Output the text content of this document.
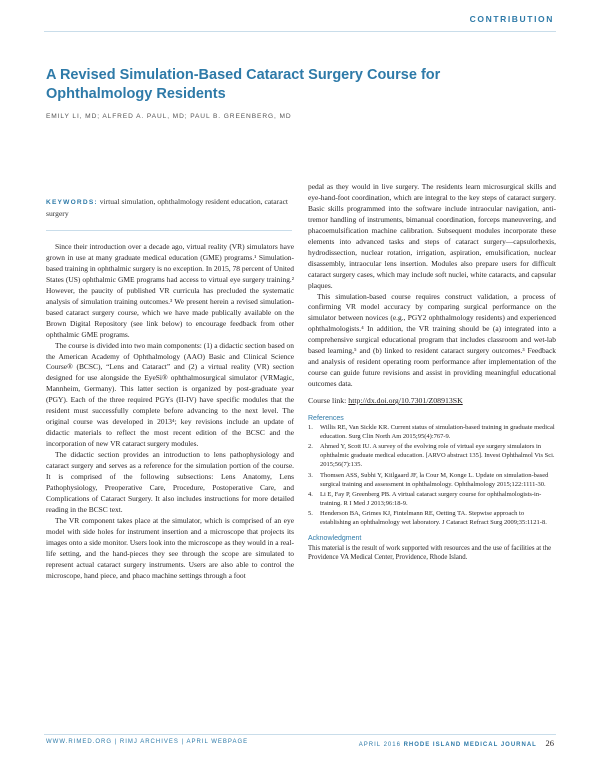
CONTRIBUTION
A Revised Simulation-Based Cataract Surgery Course for Ophthalmology Residents
EMILY LI, MD; ALFRED A. PAUL, MD; PAUL B. GREENBERG, MD
KEYWORDS: virtual simulation, ophthalmology resident education, cataract surgery

Since their introduction over a decade ago, virtual reality (VR) simulators have grown in use at many graduate medical education (GME) programs.¹ Simulation-based training in ophthalmic surgery is no exception. In 2015, 78 percent of United States (US) ophthalmic GME programs had access to virtual eye surgery training.² However, the paucity of published VR curricula has precluded the systematic analysis of simulation training outcomes.³ We present herein a revised simulation-based cataract surgery course, which we have made publically available on the Brown Digital Repository (see link below) to encourage feedback from other ophthalmic GME programs.

The course is divided into two main components: (1) a didactic section based on the American Academy of Ophthalmology (AAO) Basic and Clinical Science Course® (BCSC), “Lens and Cataract” and (2) a virtual reality (VR) section designed for use alongside the EyeSi® ophthalmosurgical simulator (VRMagic, Mannheim, Germany). This latter section is organized by post-graduate year (PGY). Each of the three required PGYs (II-IV) have specific modules that the resident must successfully complete before advancing to the next level. The original course was developed in 2013⁴; key revisions include an update of didactic materials to reflect the most recent edition of the BCSC and the incorporation of new VR cataract surgery modules.

The didactic section provides an introduction to lens pathophysiology and cataract surgery and serves as a reference for the simulation portion of the course. It is comprised of the following subsections: Lens Anatomy, Lens Pathophysiology, Preoperative Care, Procedure, Postoperative Care, and Complications of Cataract Surgery. It also includes instructions for more detailed reading in the BCSC text.

The VR component takes place at the simulator, which is comprised of an eye model with side holes for instrument insertion and a microscope that projects its images onto a side monitor. Users look into the microscope as they would in a real-life setting, and the hand-pieces they see through the scope are simulated to represent actual cataract surgery instruments. Users are also able to control the microscope, hand piece, and phaco machine settings through a foot

pedal as they would in live surgery. The residents learn microsurgical skills and eye-hand-foot coordination, which are integral to the key steps of cataract surgery. Basic skills programmed into the software include intraocular navigation, anti-tremor handling of instruments, bimanual coordination, forceps maneuvering, and phacoemulsification machine calibration. Subsequent modules incorporate these elements into advanced tasks and steps of cataract surgery—capsulorhexis, hydrodissection, nuclear rotation, irrigation, aspiration, emulsification, nuclear disassembly, intraocular lens insertion. Modules also prepare users for difficult cataract surgery cases, which may include soft nuclei, white cataracts, and capsular plaques.

This simulation-based course requires construct validation, a process of confirming VR model accuracy by comparing surgical performance on the simulator between novices (e.g., PGY2 ophthalmology residents) and experienced ophthalmologists.⁴ In addition, the VR training should be (a) integrated into a comprehensive surgical educational program that includes classroom and wet-lab based learning,⁵ and (b) linked to resident cataract surgery outcomes.³ Feedback and analysis of resident operating room performance after implementation of the course can guide future revisions and assist in providing meaningful educational outcomes data.

Course link: http://dx.doi.org/10.7301/Z08913SK

References
1. Willis RE, Van Sickle KR. Current status of simulation-based training in graduate medical education. Surg Clin North Am 2015;95(4):767-9.
2. Ahmed Y, Scott IU. A survey of the evolving role of virtual eye surgery simulators in ophthalmic graduate medical education. [ARVO abstract 135]. Invest Ophthalmol Vis Sci. 2015;56(7):135.
3. Thomsen ASS, Subhi Y, Kiilgaard JF, la Cour M, Konge L. Update on simulation-based surgical training and assessment in ophthalmology. Ophthalmology 2015;122:1111-30.
4. Li E, Fay P, Greenberg PB. A virtual cataract surgery course for ophthalmologists-in-training. R I Med J 2013;96:18-9.
5. Henderson BA, Grimes KJ, Fintelmann RE, Oetting TA. Stepwise approach to establishing an ophthalmology wet laboratory. J Cataract Refract Surg 2009;35:1121-8.
Acknowledgment

This material is the result of work supported with resources and the use of facilities at the Providence VA Medical Center, Providence, Rhode Island.

WWW.RIMED.ORG | RIMJ ARCHIVES | APRIL WEBPAGE	APRIL 2016 RHODE ISLAND MEDICAL JOURNAL 26
